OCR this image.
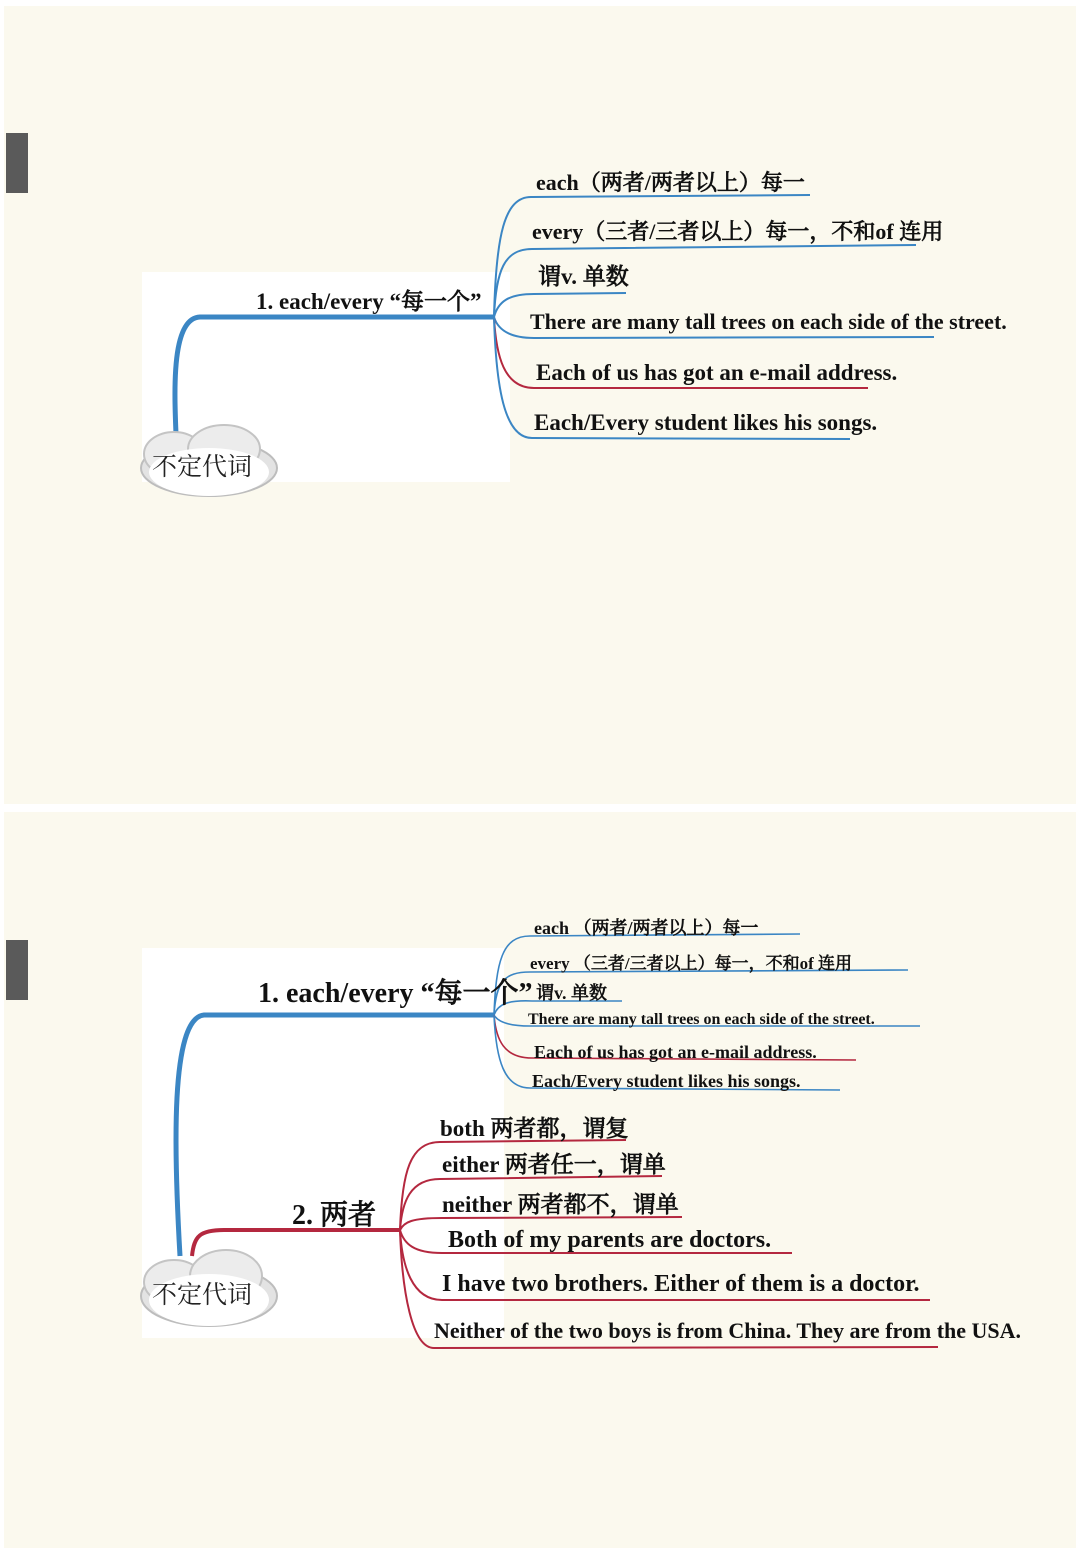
1. each/every “每一个”
each（两者/两者以上）每一
every（三者/三者以上）每一，不和of 连用
谓v. 单数
There are many tall trees on each side of the street.
Each of us has got an e-mail address.
Each/Every student likes his songs.
不定代词
1. each/every “每一个”
each （两者/两者以上）每一
every （三者/三者以上）每一，不和of 连用
谓v. 单数
There are many tall trees on each side of the street.
Each of us has got an e-mail address.
Each/Every student likes his songs.
2. 两者
both 两者都，谓复
either 两者任一，谓单
neither 两者都不，谓单
Both of my parents are doctors.
I have two brothers. Either of them is a doctor.
Neither of the two boys is from China. They are from the USA.
不定代词
